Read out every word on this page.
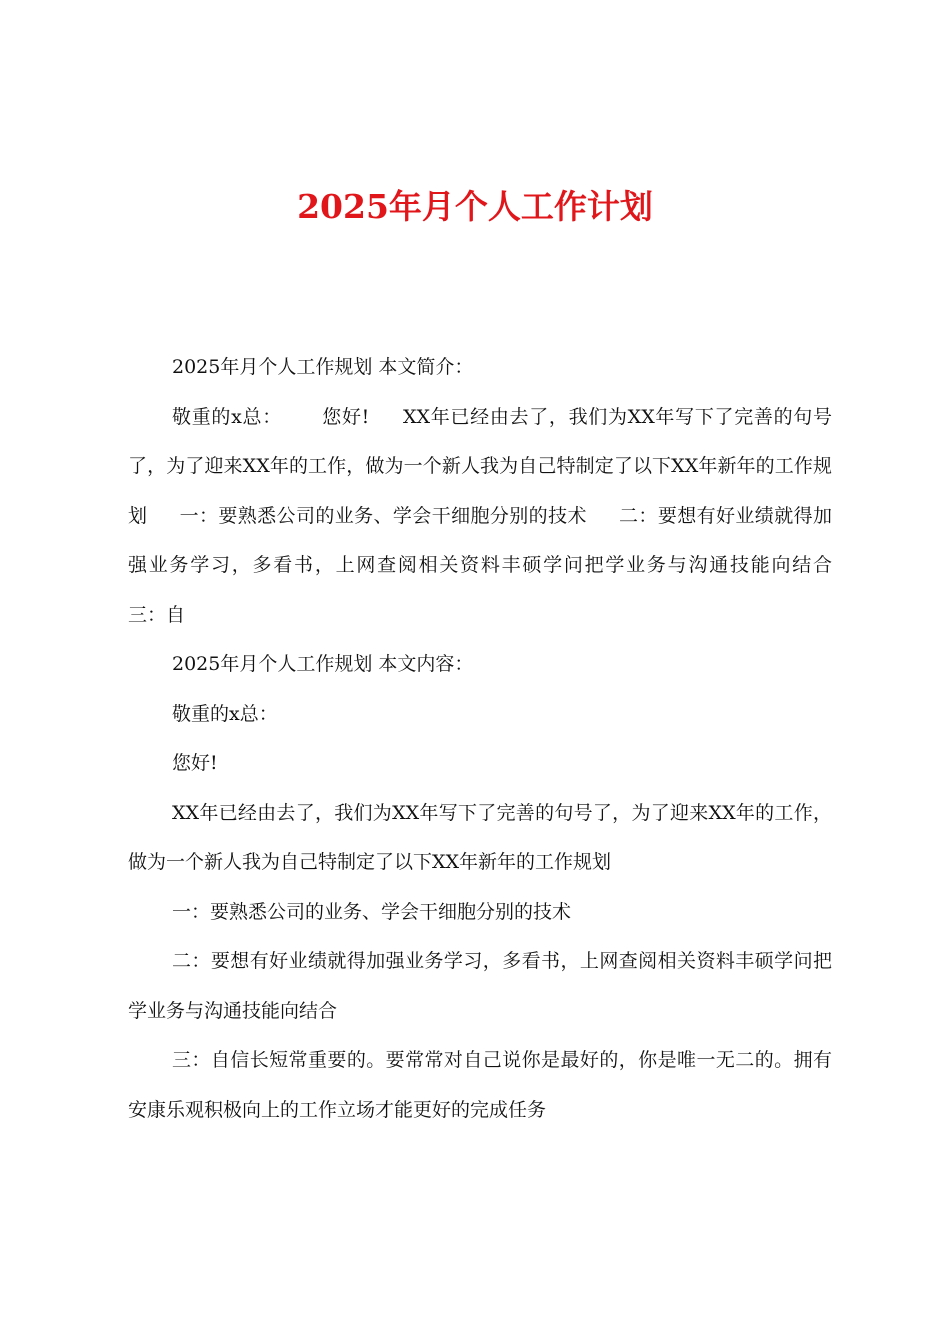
2025年月个人工作计划

2025年月个人工作规划 本文简介：

敬重的x总：      您好!     XX年已经由去了，我们为XX年写下了完善的句号了，为了迎来XX年的工作，做为一个新人我为自己特制定了以下XX年新年的工作规划     一：要熟悉公司的业务、学会干细胞分别的技术     二：要想有好业绩就得加强业务学习，多看书，上网查阅相关资料丰硕学问把学业务与沟通技能向结合     三：自

2025年月个人工作规划 本文内容：

敬重的x总：

您好!

XX年已经由去了，我们为XX年写下了完善的句号了，为了迎来XX年的工作，做为一个新人我为自己特制定了以下XX年新年的工作规划

一：要熟悉公司的业务、学会干细胞分别的技术

二：要想有好业绩就得加强业务学习，多看书，上网查阅相关资料丰硕学问把学业务与沟通技能向结合

三：自信长短常重要的。要常常对自己说你是最好的，你是唯一无二的。拥有安康乐观积极向上的工作立场才能更好的完成任务
